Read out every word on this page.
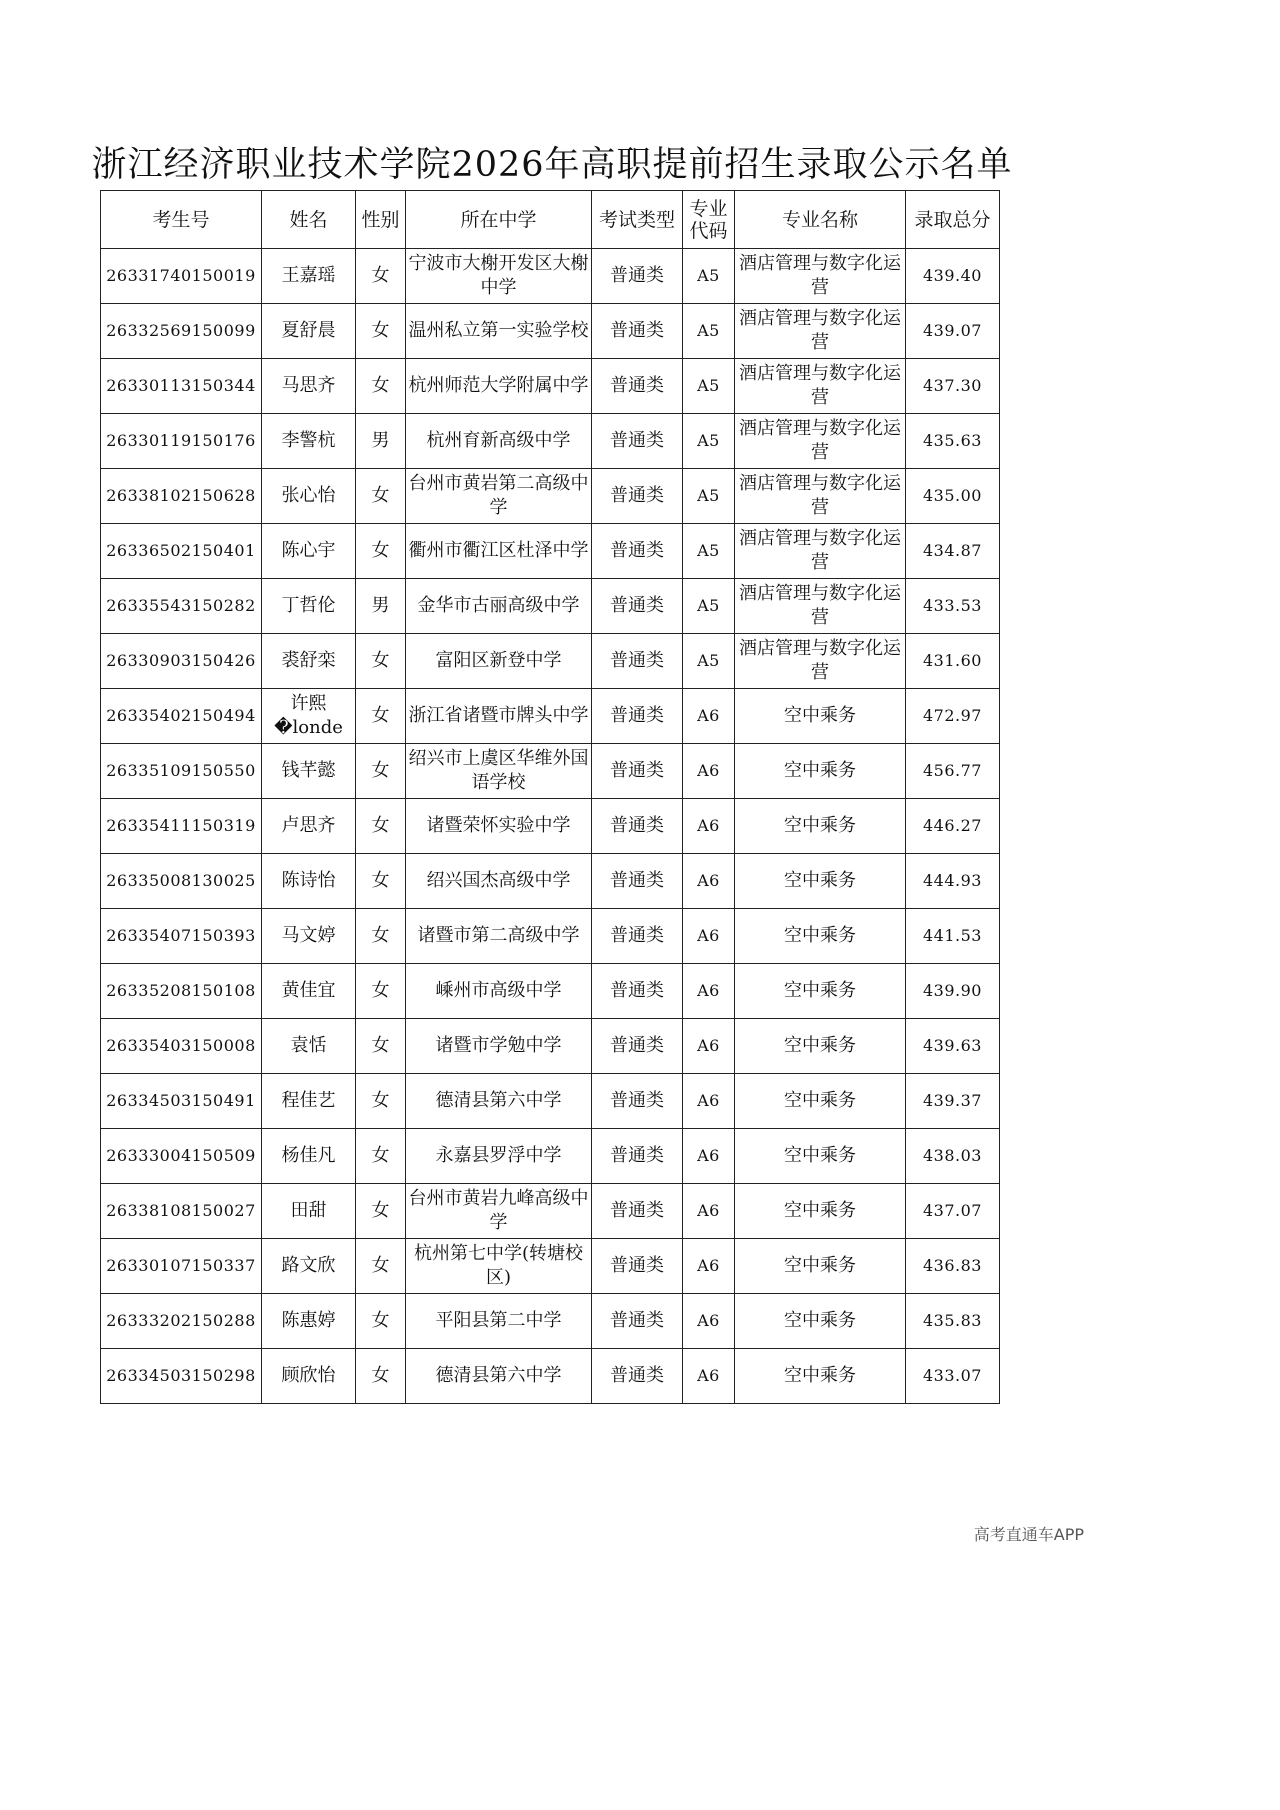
浙江经济职业技术学院2026年高职提前招生录取公示名单
考生号	姓名	性别	所在中学	考试类型	专业代码	专业名称	录取总分
26331740150019	王嘉瑶	女	宁波市大榭开发区大榭中学	普通类	A5	酒店管理与数字化运营	439.40
26332569150099	夏舒晨	女	温州私立第一实验学校	普通类	A5	酒店管理与数字化运营	439.07
26330113150344	马思齐	女	杭州师范大学附属中学	普通类	A5	酒店管理与数字化运营	437.30
26330119150176	李警杭	男	杭州育新高级中学	普通类	A5	酒店管理与数字化运营	435.63
26338102150628	张心怡	女	台州市黄岩第二高级中学	普通类	A5	酒店管理与数字化运营	435.00
26336502150401	陈心宇	女	衢州市衢江区杜泽中学	普通类	A5	酒店管理与数字化运营	434.87
26335543150282	丁哲伦	男	金华市古丽高级中学	普通类	A5	酒店管理与数字化运营	433.53
26330903150426	裘舒栾	女	富阳区新登中学	普通类	A5	酒店管理与数字化运营	431.60
26335402150494	许熙�londe	女	浙江省诸暨市牌头中学	普通类	A6	空中乘务	472.97
26335109150550	钱芊懿	女	绍兴市上虞区华维外国语学校	普通类	A6	空中乘务	456.77
26335411150319	卢思齐	女	诸暨荣怀实验中学	普通类	A6	空中乘务	446.27
26335008130025	陈诗怡	女	绍兴国杰高级中学	普通类	A6	空中乘务	444.93
26335407150393	马文婷	女	诸暨市第二高级中学	普通类	A6	空中乘务	441.53
26335208150108	黄佳宜	女	嵊州市高级中学	普通类	A6	空中乘务	439.90
26335403150008	袁恬	女	诸暨市学勉中学	普通类	A6	空中乘务	439.63
26334503150491	程佳艺	女	德清县第六中学	普通类	A6	空中乘务	439.37
26333004150509	杨佳凡	女	永嘉县罗浮中学	普通类	A6	空中乘务	438.03
26338108150027	田甜	女	台州市黄岩九峰高级中学	普通类	A6	空中乘务	437.07
26330107150337	路文欣	女	杭州第七中学(转塘校区)	普通类	A6	空中乘务	436.83
26333202150288	陈惠婷	女	平阳县第二中学	普通类	A6	空中乘务	435.83
26334503150298	顾欣怡	女	德清县第六中学	普通类	A6	空中乘务	433.07
高考直通车APP
